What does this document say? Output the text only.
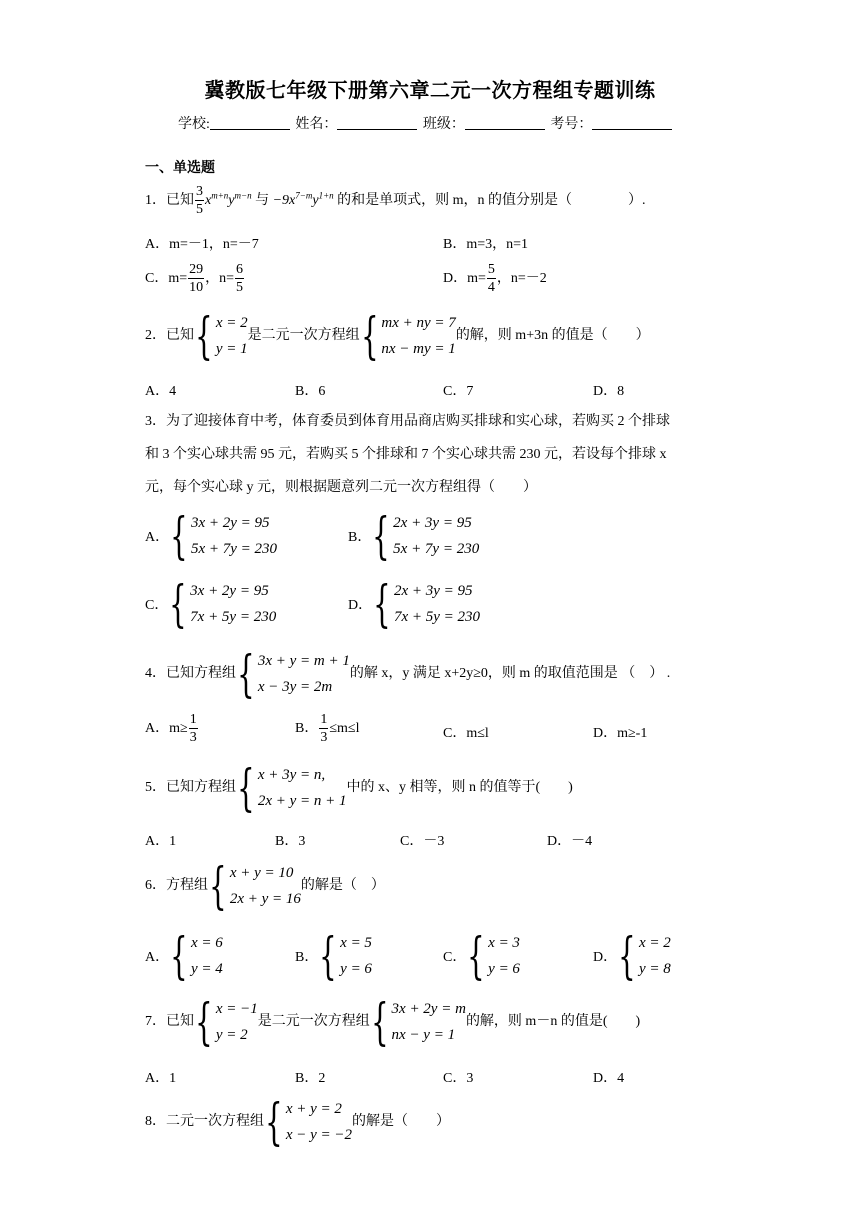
冀教版七年级下册第六章二元一次方程组专题训练
学校:	姓名：	班级：	考号：
一、单选题
1．已知 $\frac{3}{5} x^{m+n}y^{m-n}$ 与 $-9x^{7-m}y^{1+n}$ 的和是单项式，则 m，n 的值分别是（　　　　）.
A．m=－1，n=－7	B．m=3，n=1
C．$m= \frac{29}{10}$ ，$n= \frac{6}{5}$	D．$m= \frac{5}{4}$ ，n=－2
2．已知 { x = 2
y = 1
是二元一次方程组 { mx + ny = 7
nx − my = 1
的解，则 m+3n 的值是（　　）
A．4	B．6	C．7	D．8
3．为了迎接体育中考，体育委员到体育用品商店购买排球和实心球，若购买 2 个排球
和 3 个实心球共需 95 元，若购买 5 个排球和 7 个实心球共需 230 元，若设每个排球 x
元，每个实心球 y 元，则根据题意列二元一次方程组得（　　）
A． { 3x + 2y = 95
5x + 7y = 230
B． { 2x + 3y = 95
5x + 7y = 230
C． { 3x + 2y = 95
7x + 5y = 230
D． { 2x + 3y = 95
7x + 5y = 230
4．已知方程组 { 3x + y = m + 1
x − 3y = 2m
的解 x，y 满足 x+2y≥0，则 m 的取值范围是 （　） .
A．$m\ge \frac{1}{3}$	B． $\frac{1}{3} \le m\le l$	C．m≤l	D．m≥-1
5．已知方程组 { x + 3y = n,
2x + y = n + 1
中的 x、y 相等，则 n 的值等于(　　)
A．1	B．3	C．－3	D．－4
6．方程组 { x + y = 10
2x + y = 16
的解是（　）
A． { x = 6
y = 4
B． { x = 5
y = 6
C． { x = 3
y = 6
D． { x = 2
y = 8
7．已知 { x = −1
y = 2
是二元一次方程组 { 3x + 2y = m
nx − y = 1
的解，则 m－n 的值是(　　)
A．1	B．2	C．3	D．4
8．二元一次方程组 { x + y = 2
x − y = −2
的解是（　　）
